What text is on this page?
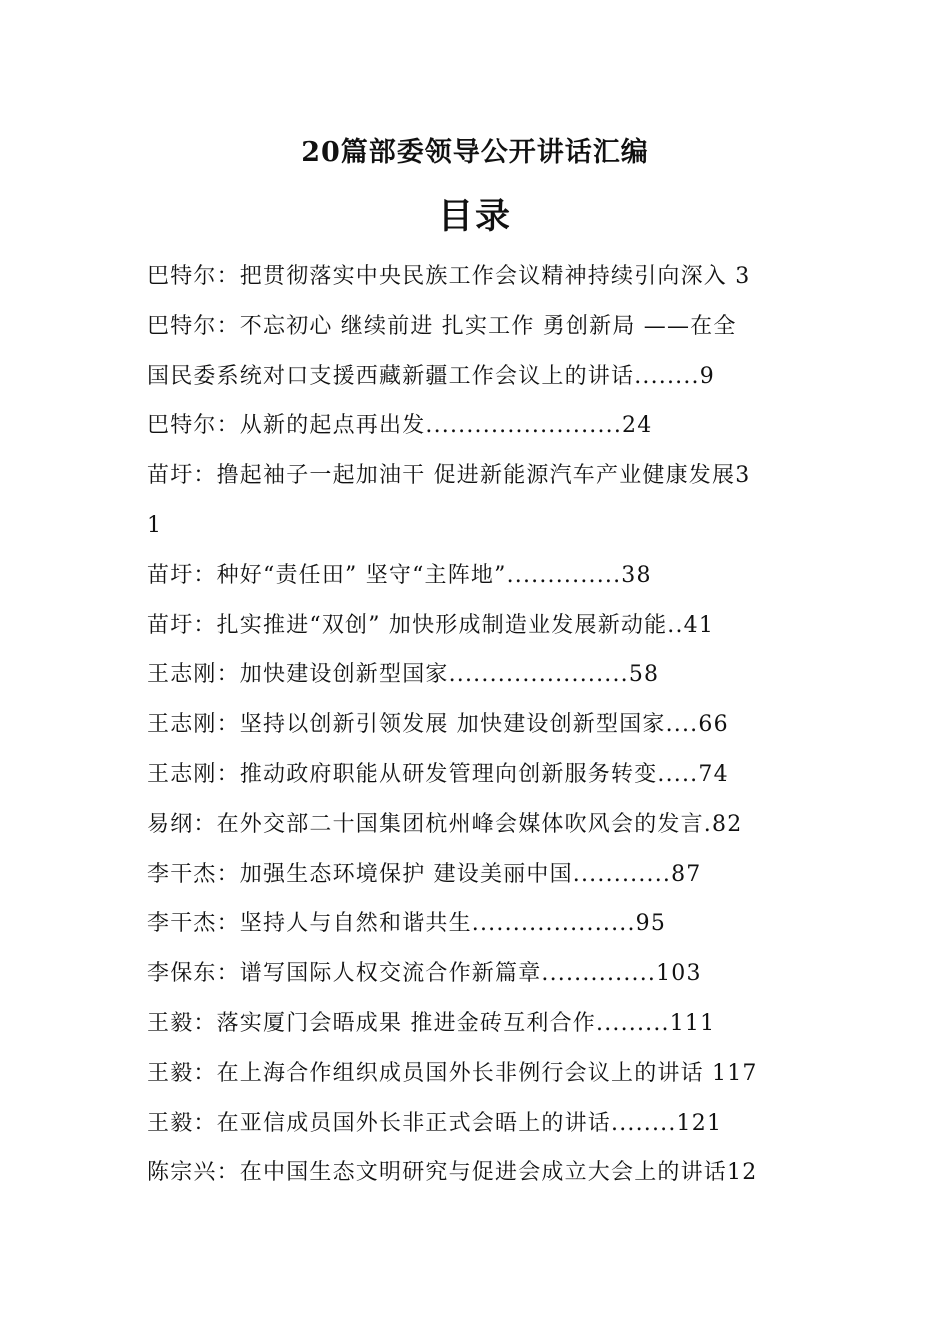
20篇部委领导公开讲话汇编
目录
巴特尔：把贯彻落实中央民族工作会议精神持续引向深入 3
巴特尔：不忘初心 继续前进 扎实工作 勇创新局 ——在全
国民委系统对口支援西藏新疆工作会议上的讲话........9
巴特尔：从新的起点再出发........................24
苗圩：撸起袖子一起加油干 促进新能源汽车产业健康发展3
1
苗圩：种好“责任田” 坚守“主阵地”..............38
苗圩：扎实推进“双创” 加快形成制造业发展新动能..41
王志刚：加快建设创新型国家......................58
王志刚：坚持以创新引领发展 加快建设创新型国家....66
王志刚：推动政府职能从研发管理向创新服务转变.....74
易纲：在外交部二十国集团杭州峰会媒体吹风会的发言.82
李干杰：加强生态环境保护 建设美丽中国............87
李干杰：坚持人与自然和谐共生....................95
李保东：谱写国际人权交流合作新篇章..............103
王毅：落实厦门会晤成果 推进金砖互利合作.........111
王毅：在上海合作组织成员国外长非例行会议上的讲话 117
王毅：在亚信成员国外长非正式会晤上的讲话........121
陈宗兴：在中国生态文明研究与促进会成立大会上的讲话12
